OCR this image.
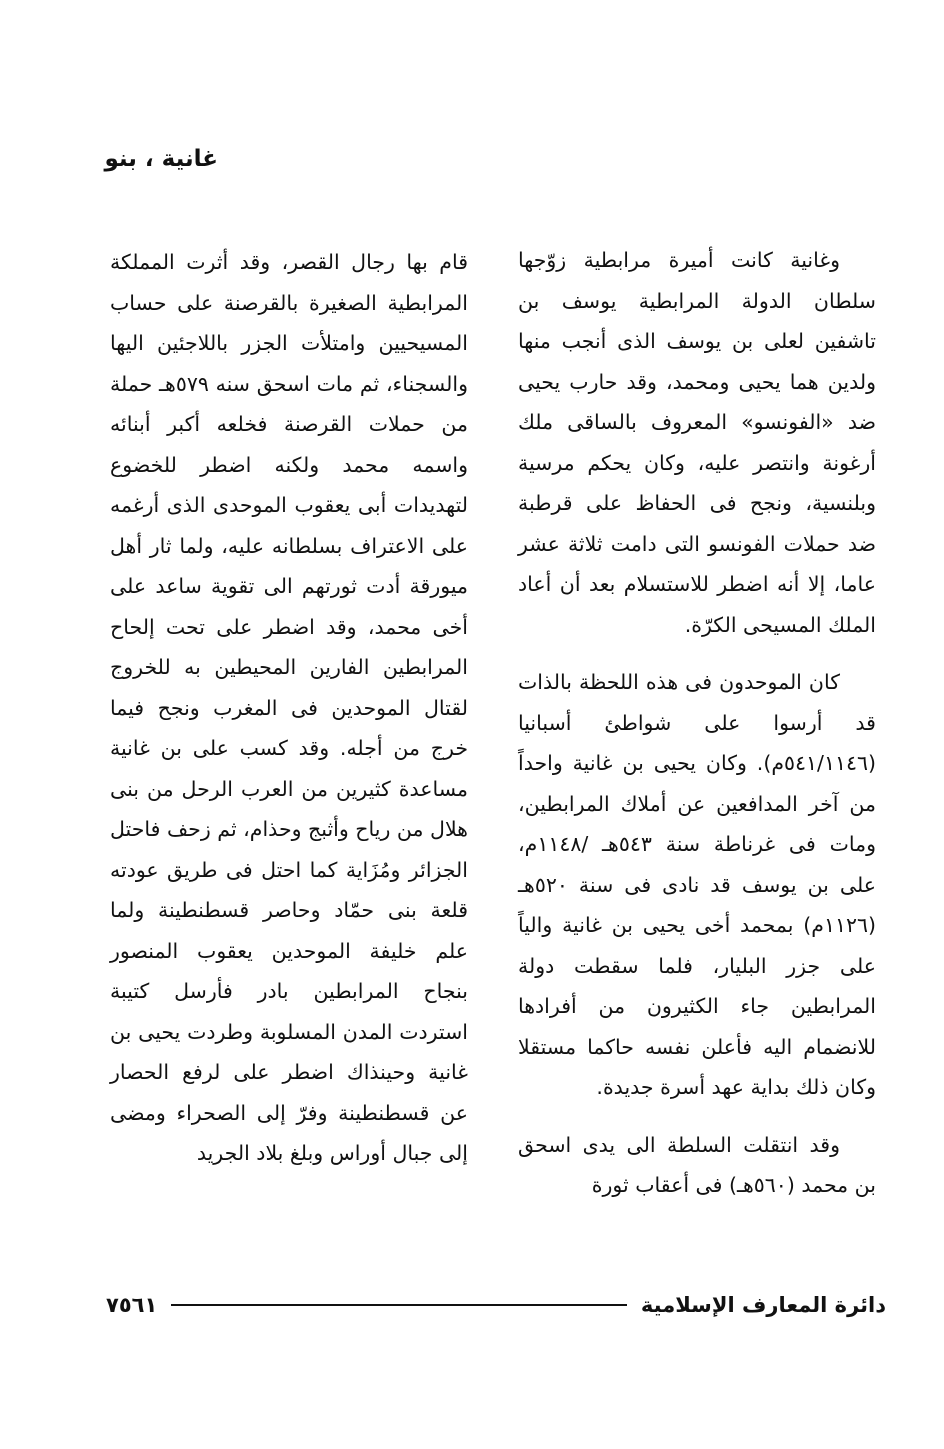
غانية ، بنو

وغانية كانت أميرة مرابطية زوّجها سلطان الدولة المرابطية يوسف بن تاشفين لعلى بن يوسف الذى أنجب منها ولدين هما يحيى ومحمد، وقد حارب يحيى ضد «الفونسو» المعروف بالساقى ملك أرغونة وانتصر عليه، وكان يحكم مرسية وبلنسية، ونجح فى الحفاظ على قرطبة ضد حملات الفونسو التى دامت ثلاثة عشر عاما، إلا أنه اضطر للاستسلام بعد أن أعاد الملك المسيحى الكرّة.

كان الموحدون فى هذه اللحظة بالذات قد أرسوا على شواطئ أسبانيا (٥٤١/١١٤٦م). وكان يحيى بن غانية واحداً من آخر المدافعين عن أملاك المرابطين، ومات فى غرناطة سنة ٥٤٣هـ /١١٤٨م، على بن يوسف قد نادى فى سنة ٥٢٠هـ (١١٢٦م) بمحمد أخى يحيى بن غانية والياً على جزر البليار، فلما سقطت دولة المرابطين جاء الكثيرون من أفرادها للانضمام اليه فأعلن نفسه حاكما مستقلا وكان ذلك بداية عهد أسرة جديدة.

وقد انتقلت السلطة الى يدى اسحق بن محمد (٥٦٠هـ) فى أعقاب ثورة

قام بها رجال القصر، وقد أثرت المملكة المرابطية الصغيرة بالقرصنة على حساب المسيحيين وامتلأت الجزر باللاجئين اليها والسجناء، ثم مات اسحق سنه ٥٧٩هـ حملة من حملات القرصنة فخلعه أكبر أبنائه واسمه محمد ولكنه اضطر للخضوع لتهديدات أبى يعقوب الموحدى الذى أرغمه على الاعتراف بسلطانه عليه، ولما ثار أهل ميورقة أدت ثورتهم الى تقوية ساعد على أخى محمد، وقد اضطر على تحت إلحاح المرابطين الفارين المحيطين به للخروج لقتال الموحدين فى المغرب ونجح فيما خرج من أجله. وقد كسب على بن غانية مساعدة كثيرين من العرب الرحل من بنى هلال من رياح وأثبج وحذام، ثم زحف فاحتل الجزائر ومُزَاية كما احتل فى طريق عودته قلعة بنى حمّاد وحاصر قسطنطينة ولما علم خليفة الموحدين يعقوب المنصور بنجاح المرابطين بادر فأرسل كتيبة استردت المدن المسلوبة وطردت يحيى بن غانية وحينذاك اضطر على لرفع الحصار عن قسطنطينة وفرّ إلى الصحراء ومضى إلى جبال أوراس وبلغ بلاد الجريد

دائرة المعارف الإسلامية
٧٥٦١
